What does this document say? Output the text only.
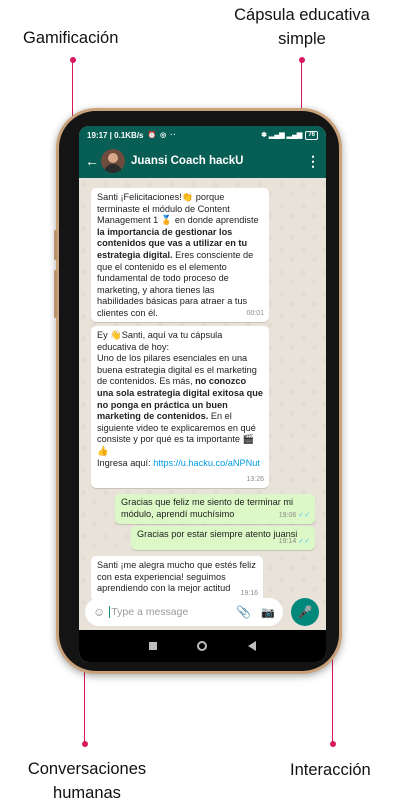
Gamificación
Cápsula educativa
simple
Conversaciones
humanas
Interacción
19:17 | 0.1KB/s ⏰ ◎ ··	✱ ▂▄▆ ▂▄▆	76
←	Juansi Coach hackU	⋮

Santi ¡Felicitaciones!👏 porque terminaste el módulo de Content Management 1 🏅 en donde aprendiste la importancia de gestionar los contenidos que vas a utilizar en tu estrategia digital. Eres consciente de que el contenido es el elemento fundamental de todo proceso de marketing, y ahora tienes las habilidades básicas para atraer a tus clientes con él.	00:01

Ey 👋Santi, aquí va tu cápsula educativa de hoy:
Uno de los pilares esenciales en una buena estrategia digital es el marketing de contenidos. Es más, no conozco una sola estrategia digital exitosa que no ponga en práctica un buen marketing de contenidos. En el siguiente video te explicaremos en qué consiste y por qué es ta importante 🎬👍
Ingresa aquí: https://u.hacku.co/aNPNut

13:26

Gracias que feliz me siento de terminar mi módulo, aprendí muchísimo	19:06 ✓✓

Gracias por estar siempre atento juansi

19:14 ✓✓

Santi ¡me alegra mucho que estés feliz con esta experiencia! seguimos aprendiendo con la mejor actitud

19:16
☺ Type a message	📎 📷 🎤
